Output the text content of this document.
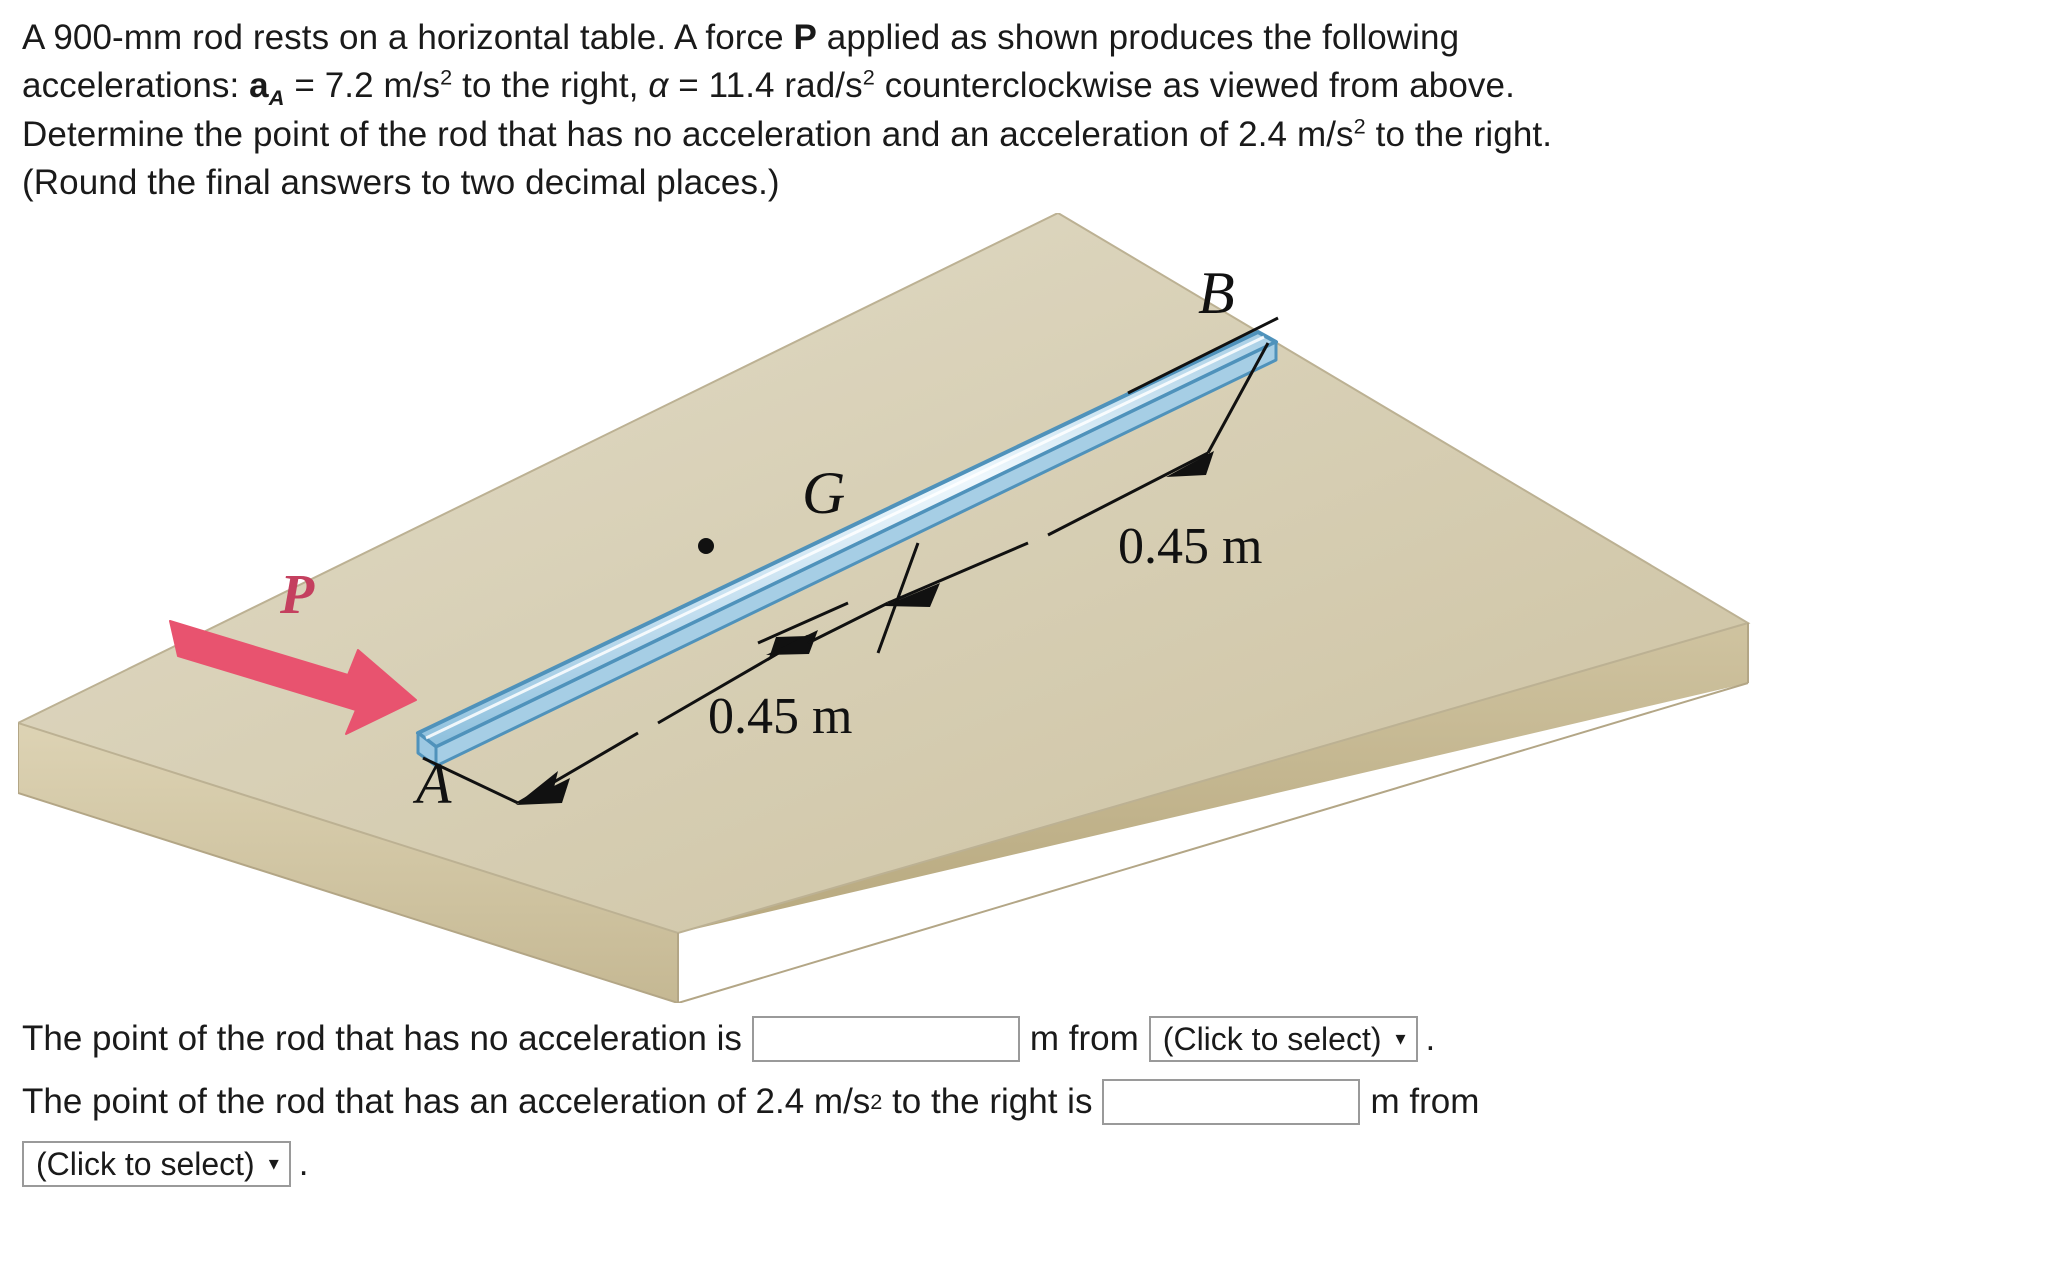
A 900-mm rod rests on a horizontal table. A force P applied as shown produces the following
accelerations: $a_A = 7.2$ $m/s^2$ to the right, α = 11.4 rad/$s^2$ counterclockwise as viewed from above.
Determine the point of the rod that has no acceleration and an acceleration of 2.4 $m/s^2$ to the right.
(Round the final answers to two decimal places.)
B
G
A
P
0.45 m
0.45 m
The point of the rod that has no acceleration is	m from (Click to select) ▾ .
The point of the rod that has an acceleration of 2.4 m/s 2 to the right is	m from
(Click to select) ▾ .
